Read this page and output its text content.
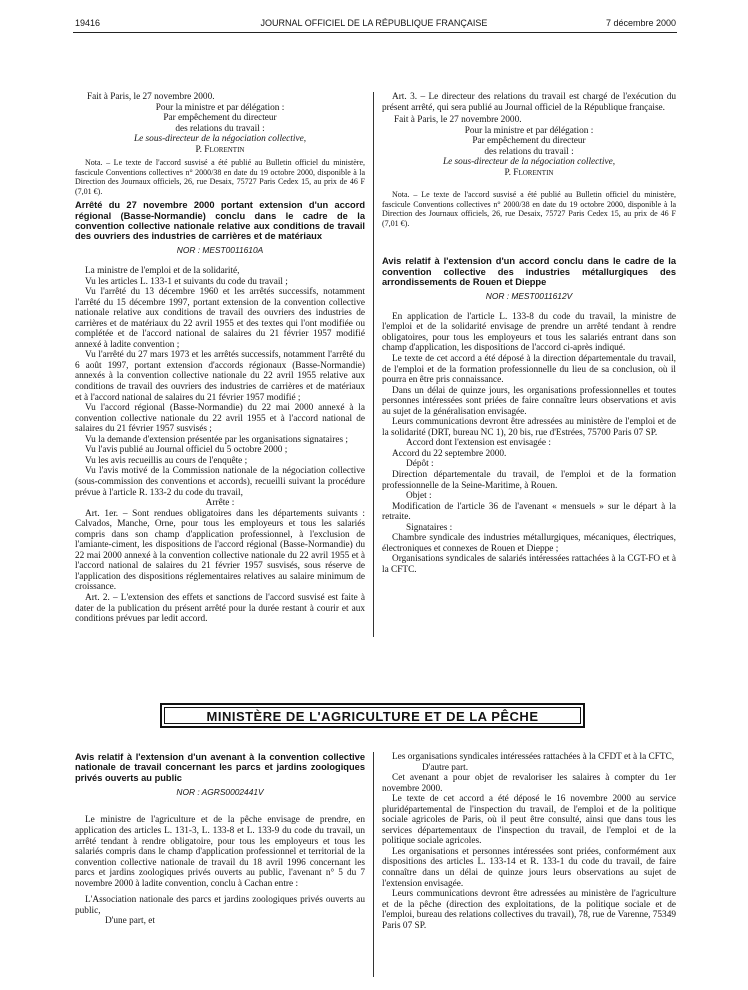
19416	JOURNAL OFFICIEL DE LA RÉPUBLIQUE FRANÇAISE	7 décembre 2000

Fait à Paris, le 27 novembre 2000.

Pour la ministre et par délégation :

Par empêchement du directeur

des relations du travail :

Le sous-directeur de la négociation collective,

P. Florentin

Nota. – Le texte de l'accord susvisé a été publié au Bulletin officiel du ministère, fascicule Conventions collectives n° 2000/38 en date du 19 octobre 2000, disponible à la Direction des Journaux officiels, 26, rue Desaix, 75727 Paris Cedex 15, au prix de 46 F (7,01 €).

Arrêté du 27 novembre 2000 portant extension d'un accord régional (Basse-Normandie) conclu dans le cadre de la convention collective nationale relative aux conditions de travail des ouvriers des industries de carrières et de matériaux
NOR : MEST0011610A

La ministre de l'emploi et de la solidarité,

Vu les articles L. 133-1 et suivants du code du travail ;

Vu l'arrêté du 13 décembre 1960 et les arrêtés successifs, notamment l'arrêté du 15 décembre 1997, portant extension de la convention collective nationale relative aux conditions de travail des ouvriers des industries de carrières et de matériaux du 22 avril 1955 et des textes qui l'ont modifiée ou complétée et de l'accord national de salaires du 21 février 1957 modifié annexé à ladite convention ;

Vu l'arrêté du 27 mars 1973 et les arrêtés successifs, notamment l'arrêté du 6 août 1997, portant extension d'accords régionaux (Basse-Normandie) annexés à la convention collective nationale du 22 avril 1955 relative aux conditions de travail des ouvriers des industries de carrières et de matériaux et à l'accord national de salaires du 21 février 1957 modifié ;

Vu l'accord régional (Basse-Normandie) du 22 mai 2000 annexé à la convention collective nationale du 22 avril 1955 et à l'accord national de salaires du 21 février 1957 susvisés ;

Vu la demande d'extension présentée par les organisations signataires ;

Vu l'avis publié au Journal officiel du 5 octobre 2000 ;

Vu les avis recueillis au cours de l'enquête ;

Vu l'avis motivé de la Commission nationale de la négociation collective (sous-commission des conventions et accords), recueilli suivant la procédure prévue à l'article R. 133-2 du code du travail,

Arrête :

Art. 1er. – Sont rendues obligatoires dans les départements suivants : Calvados, Manche, Orne, pour tous les employeurs et tous les salariés compris dans son champ d'application professionnel, à l'exclusion de l'amiante-ciment, les dispositions de l'accord régional (Basse-Normandie) du 22 mai 2000 annexé à la convention collective nationale du 22 avril 1955 et à l'accord national de salaires du 21 février 1957 susvisés, sous réserve de l'application des dispositions réglementaires relatives au salaire minimum de croissance.

Art. 2. – L'extension des effets et sanctions de l'accord susvisé est faite à dater de la publication du présent arrêté pour la durée restant à courir et aux conditions prévues par ledit accord.

Art. 3. – Le directeur des relations du travail est chargé de l'exécution du présent arrêté, qui sera publié au Journal officiel de la République française.

Fait à Paris, le 27 novembre 2000.

Pour la ministre et par délégation :

Par empêchement du directeur

des relations du travail :

Le sous-directeur de la négociation collective,

P. Florentin

Nota. – Le texte de l'accord susvisé a été publié au Bulletin officiel du ministère, fascicule Conventions collectives n° 2000/38 en date du 19 octobre 2000, disponible à la Direction des Journaux officiels, 26, rue Desaix, 75727 Paris Cedex 15, au prix de 46 F (7,01 €).

Avis relatif à l'extension d'un accord conclu dans le cadre de la convention collective des industries métallurgiques des arrondissements de Rouen et Dieppe
NOR : MEST0011612V

En application de l'article L. 133-8 du code du travail, la ministre de l'emploi et de la solidarité envisage de prendre un arrêté tendant à rendre obligatoires, pour tous les employeurs et tous les salariés entrant dans son champ d'application, les dispositions de l'accord ci-après indiqué.

Le texte de cet accord a été déposé à la direction départementale du travail, de l'emploi et de la formation professionnelle du lieu de sa conclusion, où il pourra en être pris connaissance.

Dans un délai de quinze jours, les organisations professionnelles et toutes personnes intéressées sont priées de faire connaître leurs observations et avis au sujet de la généralisation envisagée.

Leurs communications devront être adressées au ministère de l'emploi et de la solidarité (DRT, bureau NC 1), 20 bis, rue d'Estrées, 75700 Paris 07 SP.

Accord dont l'extension est envisagée :

Accord du 22 septembre 2000.

Dépôt :

Direction départementale du travail, de l'emploi et de la formation professionnelle de la Seine-Maritime, à Rouen.

Objet :

Modification de l'article 36 de l'avenant « mensuels » sur le départ à la retraite.

Signataires :

Chambre syndicale des industries métallurgiques, mécaniques, électriques, électroniques et connexes de Rouen et Dieppe ;

Organisations syndicales de salariés intéressées rattachées à la CGT-FO et à la CFTC.

MINISTÈRE DE L'AGRICULTURE ET DE LA PÊCHE
Avis relatif à l'extension d'un avenant à la convention collective nationale de travail concernant les parcs et jardins zoologiques privés ouverts au public
NOR : AGRS0002441V

Le ministre de l'agriculture et de la pêche envisage de prendre, en application des articles L. 131-3, L. 133-8 et L. 133-9 du code du travail, un arrêté tendant à rendre obligatoire, pour tous les employeurs et tous les salariés compris dans le champ d'application professionnel et territorial de la convention collective nationale de travail du 18 avril 1996 concernant les parcs et jardins zoologiques privés ouverts au public, l'avenant n° 5 du 7 novembre 2000 à ladite convention, conclu à Cachan entre :

L'Association nationale des parcs et jardins zoologiques privés ouverts au public,

D'une part, et

Les organisations syndicales intéressées rattachées à la CFDT et à la CFTC,

D'autre part.

Cet avenant a pour objet de revaloriser les salaires à compter du 1er novembre 2000.

Le texte de cet accord a été déposé le 16 novembre 2000 au service pluridépartemental de l'inspection du travail, de l'emploi et de la politique sociale agricoles de Paris, où il peut être consulté, ainsi que dans tous les services départementaux de l'inspection du travail, de l'emploi et de la politique sociale agricoles.

Les organisations et personnes intéressées sont priées, conformément aux dispositions des articles L. 133-14 et R. 133-1 du code du travail, de faire connaître dans un délai de quinze jours leurs observations au sujet de l'extension envisagée.

Leurs communications devront être adressées au ministère de l'agriculture et de la pêche (direction des exploitations, de la politique sociale et de l'emploi, bureau des relations collectives du travail), 78, rue de Varenne, 75349 Paris 07 SP.
